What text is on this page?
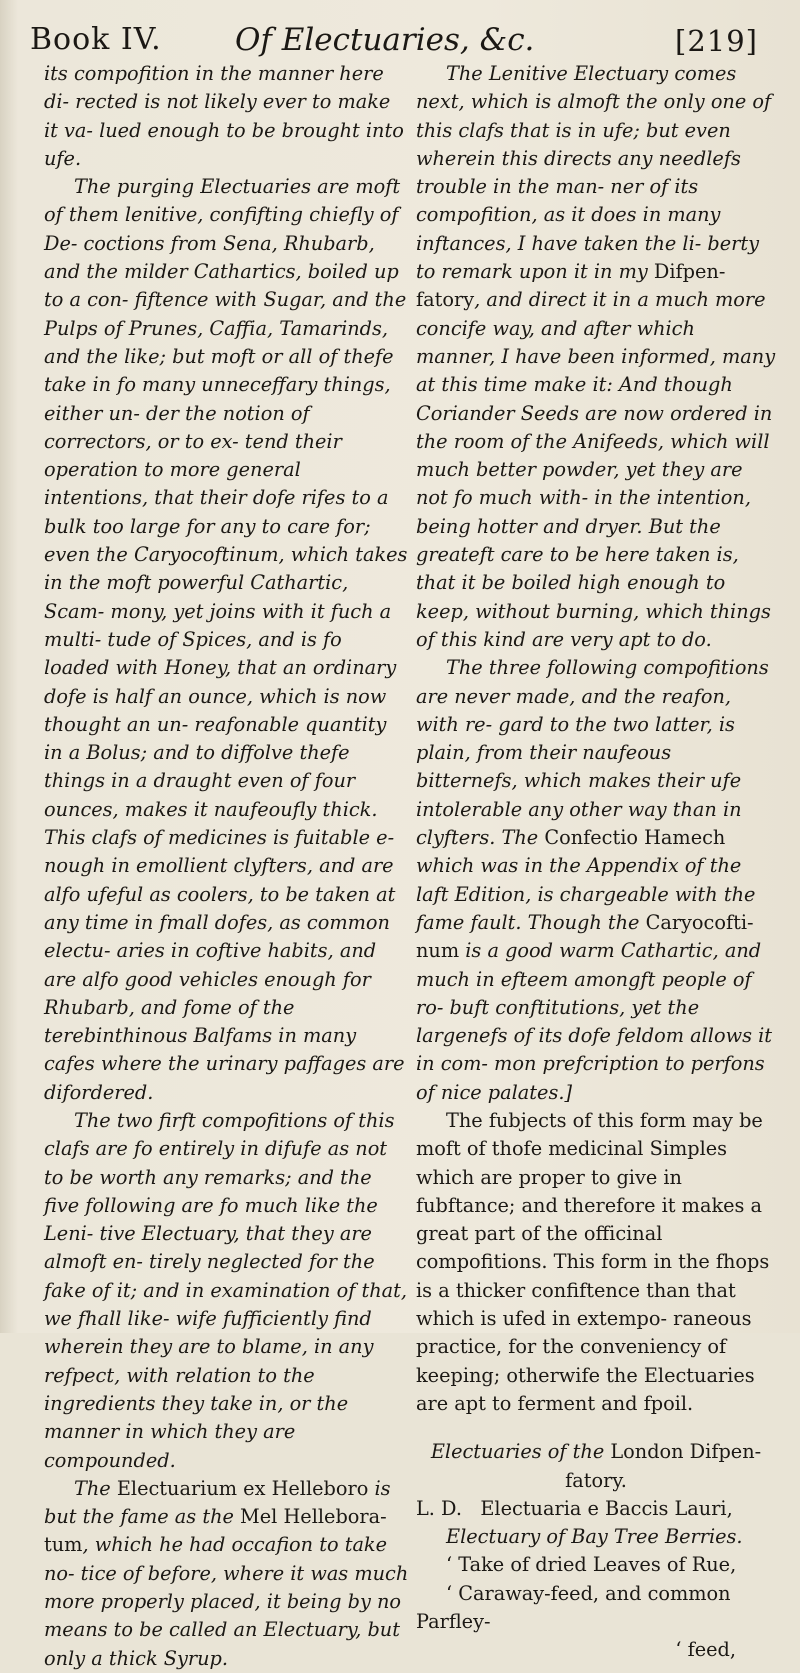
Book IV. Of Electuaries, &c.	[219]

its compofition in the manner here di- rected is not likely ever to make it va- lued enough to be brought into ufe.

The purging Electuaries are moft of them lenitive, confifting chiefly of De- coctions from Sena, Rhubarb, and the milder Cathartics, boiled up to a con- fiftence with Sugar, and the Pulps of Prunes, Caffia, Tamarinds, and the like; but moft or all of thefe take in fo many unneceffary things, either un- der the notion of correctors, or to ex- tend their operation to more general intentions, that their dofe rifes to a bulk too large for any to care for; even the Caryocoftinum, which takes in the moft powerful Cathartic, Scam- mony, yet joins with it fuch a multi- tude of Spices, and is fo loaded with Honey, that an ordinary dofe is half an ounce, which is now thought an un- reafonable quantity in a Bolus; and to diffolve thefe things in a draught even of four ounces, makes it naufeoufly thick. This clafs of medicines is fuitable e- nough in emollient clyfters, and are alfo ufeful as coolers, to be taken at any time in fmall dofes, as common electu- aries in coftive habits, and are alfo good vehicles enough for Rhubarb, and fome of the terebinthinous Balfams in many cafes where the urinary paffages are difordered.

The two firft compofitions of this clafs are fo entirely in difufe as not to be worth any remarks; and the five following are fo much like the Leni- tive Electuary, that they are almoft en- tirely neglected for the fake of it; and in examination of that, we fhall like- wife fufficiently find wherein they are to blame, in any refpect, with relation to the ingredients they take in, or the manner in which they are compounded.

The Electuarium ex Helleboro is but the fame as the Mel Hellebora- tum, which he had occafion to take no- tice of before, where it was much more properly placed, it being by no means to be called an Electuary, but only a thick Syrup.

The Lenitive Electuary comes next, which is almoft the only one of this clafs that is in ufe; but even wherein this directs any needlefs trouble in the man- ner of its compofition, as it does in many inftances, I have taken the li- berty to remark upon it in my Difpen- fatory, and direct it in a much more concife way, and after which manner, I have been informed, many at this time make it: And though Coriander Seeds are now ordered in the room of the Anifeeds, which will much better powder, yet they are not fo much with- in the intention, being hotter and dryer. But the greateft care to be here taken is, that it be boiled high enough to keep, without burning, which things of this kind are very apt to do.

The three following compofitions are never made, and the reafon, with re- gard to the two latter, is plain, from their naufeous bitternefs, which makes their ufe intolerable any other way than in clyfters. The Confectio Hamech which was in the Appendix of the laft Edition, is chargeable with the fame fault. Though the Caryocofti- num is a good warm Cathartic, and much in efteem amongft people of ro- buft conftitutions, yet the largenefs of its dofe feldom allows it in com- mon prefcription to perfons of nice palates.]

The fubjects of this form may be moft of thofe medicinal Simples which are proper to give in fubftance; and therefore it makes a great part of the officinal compofitions. This form in the fhops is a thicker confiftence than that which is ufed in extempo- raneous practice, for the conveniency of keeping; otherwife the Electuaries are apt to ferment and fpoil.

Electuaries of the London Difpen- fatory.

L. D. Electuaria e Baccis Lauri,

Electuary of Bay Tree Berries.

‘ Take of dried Leaves of Rue,

‘ Caraway-feed, and common Parfley-

‘ feed,
